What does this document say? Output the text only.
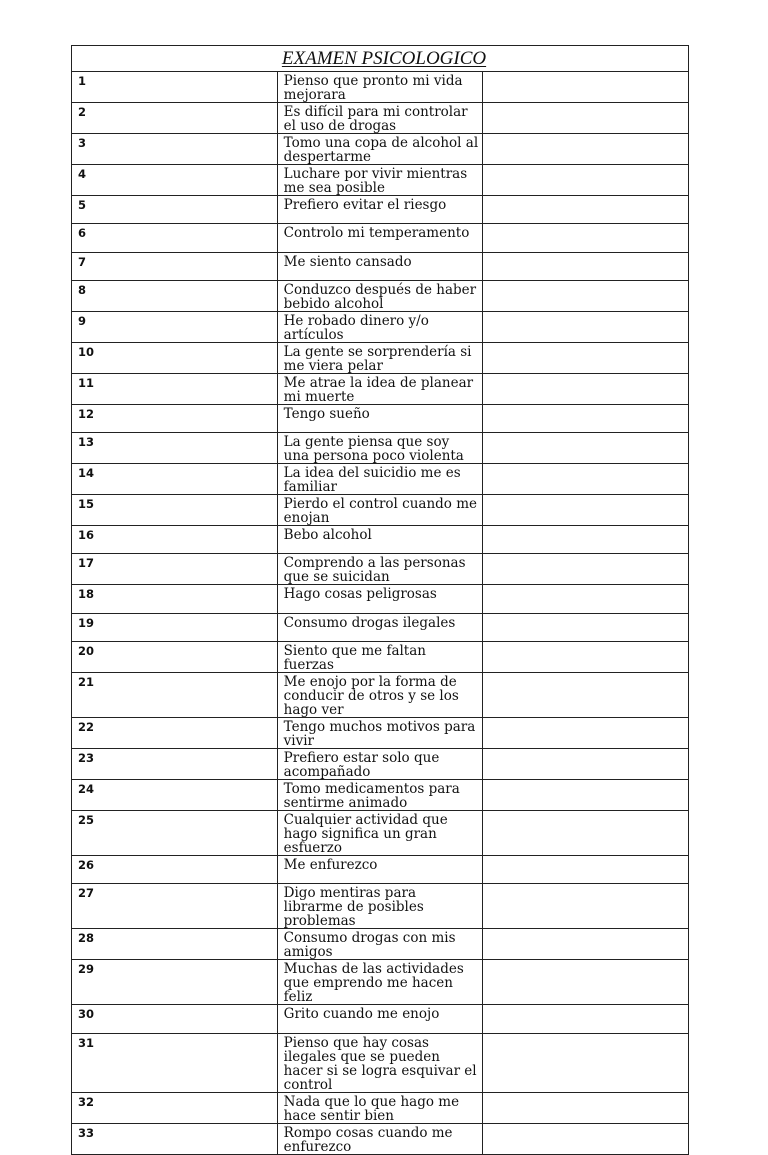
EXAMEN PSICOLOGICO		
1	Pienso que pronto mi vida mejorara	
2	Es difícil para mi controlar el uso de drogas	
3	Tomo una copa de alcohol al despertarme	
4	Luchare por vivir mientras me sea posible	
5	Prefiero evitar el riesgo	
6	Controlo mi temperamento	
7	Me siento cansado	
8	Conduzco después de haber bebido alcohol	
9	He robado dinero y/o artículos	
10	La gente se sorprendería si me viera pelar	
11	Me atrae la idea de planear mi muerte	
12	Tengo sueño	
13	La gente piensa que soy una persona poco violenta	
14	La idea del suicidio me es familiar	
15	Pierdo el control cuando me enojan	
16	Bebo alcohol	
17	Comprendo a las personas que se suicidan	
18	Hago cosas peligrosas	
19	Consumo drogas ilegales	
20	Siento que me faltan fuerzas	
21	Me enojo por la forma de conducir de otros y se los hago ver	
22	Tengo muchos motivos para vivir	
23	Prefiero estar solo que acompañado	
24	Tomo medicamentos para sentirme animado	
25	Cualquier actividad que hago significa un gran esfuerzo	
26	Me enfurezco	
27	Digo mentiras para librarme de posibles problemas	
28	Consumo drogas con mis amigos	
29	Muchas de las actividades que emprendo me hacen feliz	
30	Grito cuando me enojo	
31	Pienso que hay cosas ilegales que se pueden hacer si se logra esquivar el control	
32	Nada que lo que hago me hace sentir bien	
33	Rompo cosas cuando me enfurezco	
